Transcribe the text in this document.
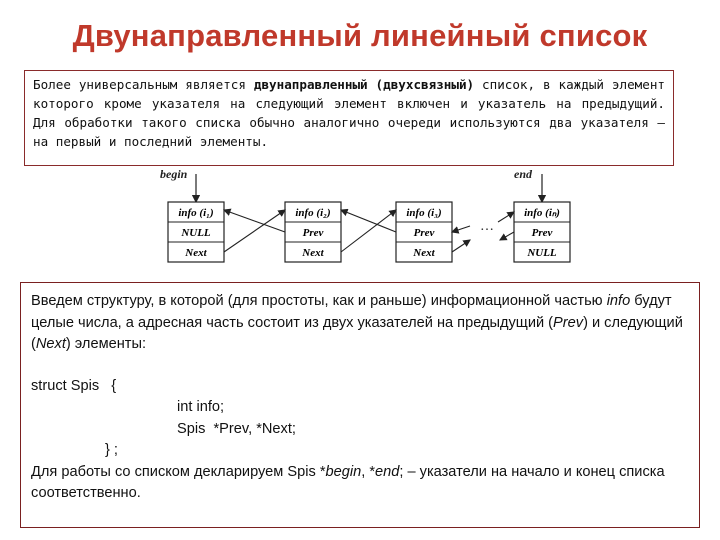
Двунаправленный линейный список

Более универсальным является двунаправленный (двухсвязный) список, в каждый элемент которого кроме указателя на следующий элемент включен и указатель на предыдущий. Для обработки такого списка обычно аналогично очереди используются два указателя – на первый и последний элементы.

begin	end
info (i₁)
NULL
Next
info (i₂)
Prev
Next
info (i₃)
Prev
Next
info (iₙ)
Prev
NULL
…

Введем структуру, в которой (для простоты, как и раньше) информационной частью info будут целые числа, а адресная часть состоит из двух указателей на предыдущий (Prev) и следующий (Next) элементы:

struct Spis   {
int info;
Spis  *Prev, *Next;
} ;

Для работы со списком декларируем Spis *begin, *end; – указатели на начало и конец списка соответственно.
